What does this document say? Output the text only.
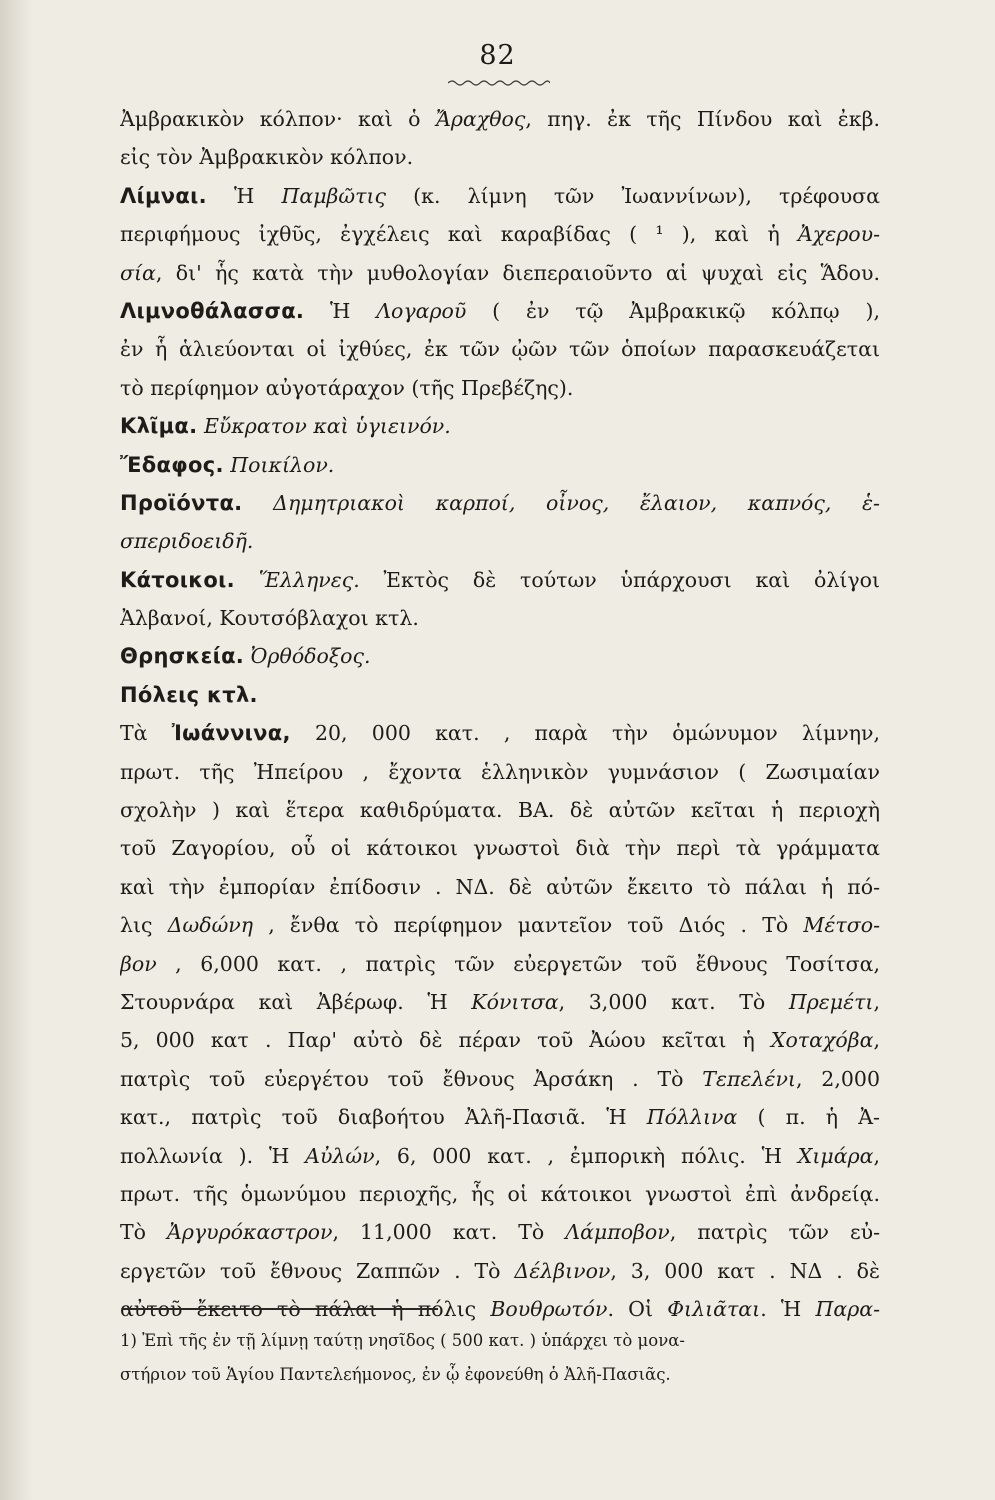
82
Ἀμβρακικὸν κόλπον· καὶ ὁ Ἄραχθος, πηγ. ἐκ τῆς Πίνδου καὶ ἐκβ.
εἰς τὸν Ἀμβρακικὸν κόλπον.
Λίμναι. Ἡ Παμβῶτις (κ. λίμνη τῶν Ἰωαννίνων), τρέφουσα
περιφήμους ἰχθῦς, ἐγχέλεις καὶ καραβίδας ( ¹ ), καὶ ἡ Ἀχερου-
σία, δι' ἧς κατὰ τὴν μυθολογίαν διεπεραιοῦντο αἱ ψυχαὶ εἰς Ἅδου.
Λιμνοθάλασσα. Ἡ Λογαροῦ ( ἐν τῷ Ἀμβρακικῷ κόλπῳ ),
ἐν ἧ ἁλιεύονται οἱ ἰχθύες, ἐκ τῶν ᾠῶν τῶν ὁποίων παρασκευάζεται
τὸ περίφημον αὐγοτάραχον (τῆς Πρεβέζης).
Κλῖμα. Εὔκρατον καὶ ὑγιεινόν.
Ἔδαφος. Ποικίλον.
Προϊόντα. Δημητριακοὶ καρποί, οἶνος, ἔλαιον, καπνός, ἑ-
σπεριδοειδῆ.
Κάτοικοι. Ἕλληνες. Ἐκτὸς δὲ τούτων ὑπάρχουσι καὶ ὀλίγοι
Ἀλβανοί, Κουτσόβλαχοι κτλ.
Θρησκεία. Ὀρθόδοξος.
Πόλεις κτλ.
Τὰ Ἰωάννινα, 20, 000 κατ. , παρὰ τὴν ὁμώνυμον λίμνην,
πρωτ. τῆς Ἠπείρου , ἔχοντα ἑλληνικὸν γυμνάσιον ( Ζωσιμαίαν
σχολὴν ) καὶ ἕτερα καθιδρύματα. ΒΑ. δὲ αὐτῶν κεῖται ἡ περιοχὴ
τοῦ Ζαγορίου, οὗ οἱ κάτοικοι γνωστοὶ διὰ τὴν περὶ τὰ γράμματα
καὶ τὴν ἐμπορίαν ἐπίδοσιν . ΝΔ. δὲ αὐτῶν ἔκειτο τὸ πάλαι ἡ πό-
λις Δωδώνη , ἔνθα τὸ περίφημον μαντεῖον τοῦ Διός . Τὸ Μέτσο-
βον , 6,000 κατ. , πατρὶς τῶν εὐεργετῶν τοῦ ἔθνους Τοσίτσα,
Στουρνάρα καὶ Ἀβέρωφ. Ἡ Κόνιτσα, 3,000 κατ. Τὸ Πρεμέτι,
5, 000 κατ . Παρ' αὐτὸ δὲ πέραν τοῦ Ἀώου κεῖται ἡ Χοταχόβα,
πατρὶς τοῦ εὐεργέτου τοῦ ἔθνους Ἀρσάκη . Τὸ Τεπελένι, 2,000
κατ., πατρὶς τοῦ διαβοήτου Ἀλῆ-Πασιᾶ. Ἡ Πόλλινα ( π. ἡ Ἀ-
πολλωνία ). Ἡ Αὐλών, 6, 000 κατ. , ἐμπορικὴ πόλις. Ἡ Χιμάρα,
πρωτ. τῆς ὁμωνύμου περιοχῆς, ἧς οἱ κάτοικοι γνωστοὶ ἐπὶ ἀνδρείᾳ.
Τὸ Ἀργυρόκαστρον, 11,000 κατ. Τὸ Λάμποβον, πατρὶς τῶν εὐ-
εργετῶν τοῦ ἔθνους Ζαππῶν . Τὸ Δέλβινον, 3, 000 κατ . ΝΔ . δὲ
αὐτοῦ ἔκειτο τὸ πάλαι ἡ πόλις Βουθρωτόν. Οἱ Φιλιᾶται. Ἡ Παρα-
1) Ἐπὶ τῆς ἐν τῇ λίμνῃ ταύτῃ νησῖδος ( 500 κατ. ) ὑπάρχει τὸ μονα-
στήριον τοῦ Ἁγίου Παντελεήμονος, ἐν ᾧ ἐφονεύθη ὁ Ἀλῆ-Πασιᾶς.
